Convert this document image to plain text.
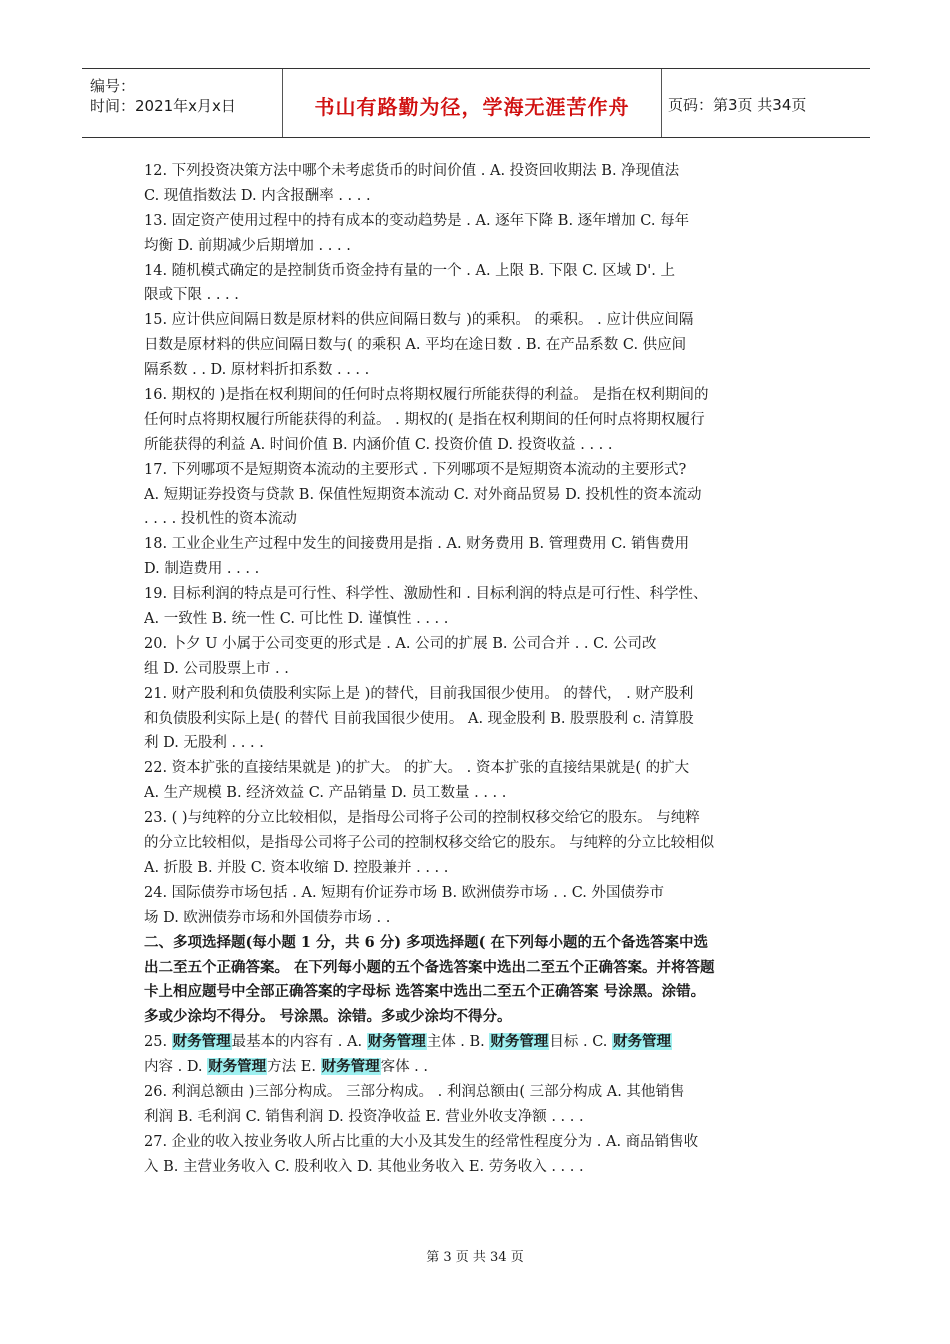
编号：
时间：2021年x月x日	书山有路勤为径，学海无涯苦作舟	页码：第3页 共34页
12. 下列投资决策方法中哪个未考虑货币的时间价值 . A. 投资回收期法 B. 净现值法
C. 现值指数法 D. 内含报酬率 . . . .
13. 固定资产使用过程中的持有成本的变动趋势是 . A. 逐年下降 B. 逐年增加 C. 每年
均衡 D. 前期减少后期增加 . . . .
14. 随机模式确定的是控制货币资金持有量的一个 . A. 上限 B. 下限 C. 区域 D'. 上
限或下限 . . . .
15. 应计供应间隔日数是原材料的供应间隔日数与 )的乘积。 的乘积。 . 应计供应间隔
日数是原材料的供应间隔日数与( 的乘积 A. 平均在途日数 . B. 在产品系数 C. 供应间
隔系数 . . D. 原材料折扣系数 . . . .
16. 期权的 )是指在权利期间的任何时点将期权履行所能获得的利益。 是指在权利期间的
任何时点将期权履行所能获得的利益。 . 期权的( 是指在权利期间的任何时点将期权履行
所能获得的利益 A. 时间价值 B. 内涵价值 C. 投资价值 D. 投资收益 . . . .
17. 下列哪项不是短期资本流动的主要形式 . 下列哪项不是短期资本流动的主要形式?
A. 短期证券投资与贷款 B. 保值性短期资本流动 C. 对外商品贸易 D. 投机性的资本流动
. . . . 投机性的资本流动
18. 工业企业生产过程中发生的间接费用是指 . A. 财务费用 B. 管理费用 C. 销售费用
D. 制造费用 . . . .
19. 目标利润的特点是可行性、科学性、激励性和 . 目标利润的特点是可行性、科学性、
A. 一致性 B. 统一性 C. 可比性 D. 谨慎性 . . . .
20. 卜夕 U 小属于公司变更的形式是 . A. 公司的扩展 B. 公司合并 . . C. 公司改
组 D. 公司股票上市 . .
21. 财产股利和负债股利实际上是 )的替代，目前我国很少使用。 的替代， . 财产股利
和负债股利实际上是( 的替代 目前我国很少使用。 A. 现金股利 B. 股票股利 c. 清算股
利 D. 无股利 . . . .
22. 资本扩张的直接结果就是 )的扩大。 的扩大。 . 资本扩张的直接结果就是( 的扩大
A. 生产规模 B. 经济效益 C. 产品销量 D. 员工数量 . . . .
23. ( )与纯粹的分立比较相似，是指母公司将子公司的控制权移交给它的股东。 与纯粹
的分立比较相似，是指母公司将子公司的控制权移交给它的股东。 与纯粹的分立比较相似
A. 折股 B. 并股 C. 资本收缩 D. 控股兼并 . . . .
24. 国际债券市场包括 . A. 短期有价证券市场 B. 欧洲债券市场 . . C. 外国债券市
场 D. 欧洲债券市场和外国债券市场 . .
二、多项选择题(每小题 1 分，共 6 分) 多项选择题( 在下列每小题的五个备选答案中选
出二至五个正确答案。 在下列每小题的五个备选答案中选出二至五个正确答案。并将答题
卡上相应题号中全部正确答案的字母标 选答案中选出二至五个正确答案 号涂黑。涂错。
多或少涂均不得分。 号涂黑。涂错。多或少涂均不得分。
25. 财务管理最基本的内容有 . A. 财务管理主体 . B. 财务管理目标 . C. 财务管理
内容 . D. 财务管理方法 E. 财务管理客体 . .
26. 利润总额由 )三部分构成。 三部分构成。 . 利润总额由( 三部分构成 A. 其他销售
利润 B. 毛利润 C. 销售利润 D. 投资净收益 E. 营业外收支净额 . . . .
27. 企业的收入按业务收人所占比重的大小及其发生的经常性程度分为 . A. 商品销售收
入 B. 主营业务收入 C. 股利收入 D. 其他业务收入 E. 劳务收入 . . . .
第 3 页 共 34 页
